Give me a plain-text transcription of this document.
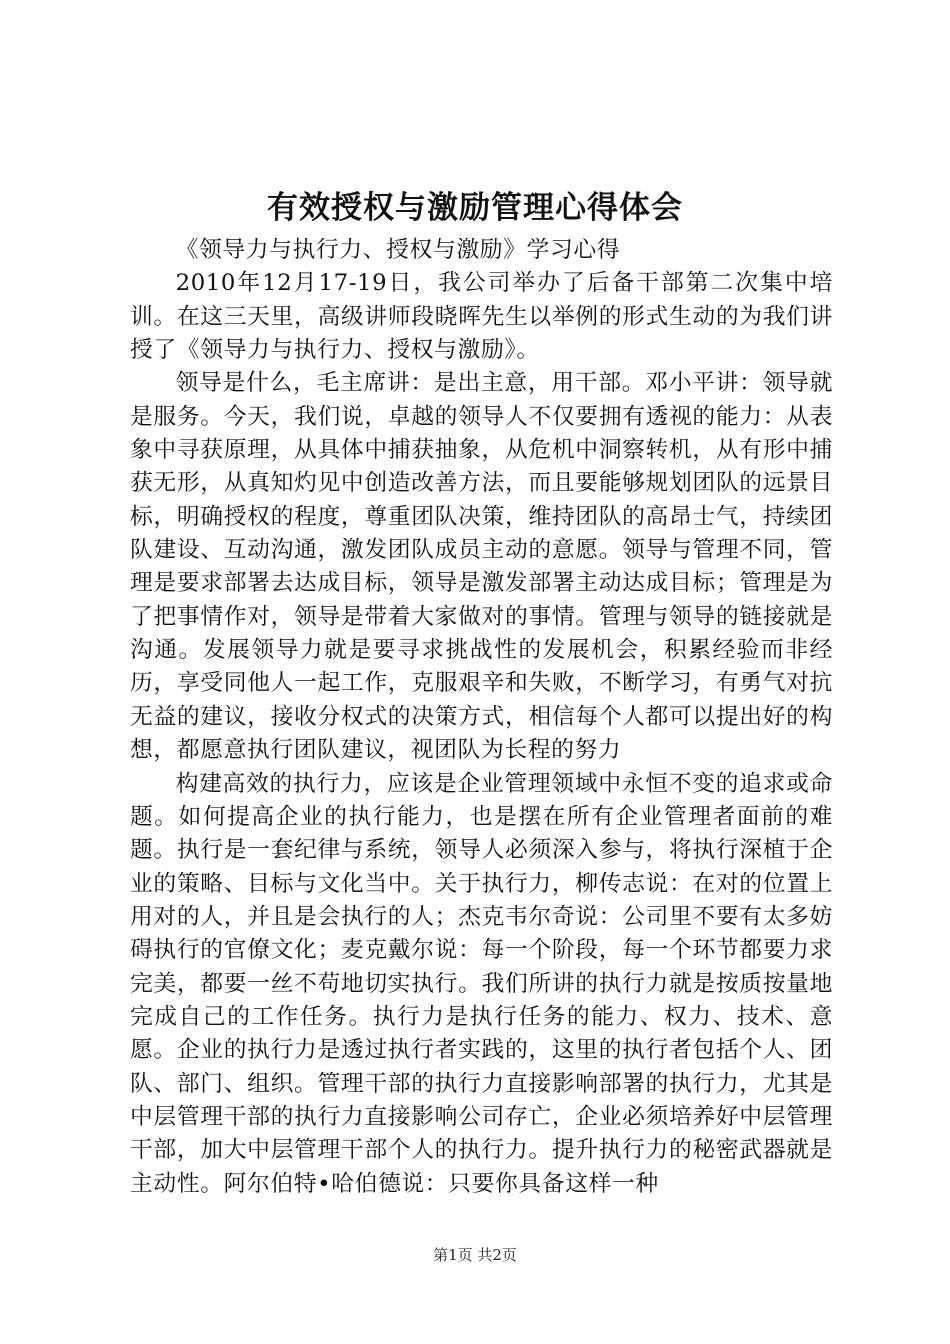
有效授权与激励管理心得体会

《领导力与执行力、授权与激励》学习心得

2010年12月17-19日，我公司举办了后备干部第二次集中培训。在这三天里，高级讲师段晓晖先生以举例的形式生动的为我们讲授了《领导力与执行力、授权与激励》。

领导是什么，毛主席讲：是出主意，用干部。邓小平讲：领导就是服务。今天，我们说，卓越的领导人不仅要拥有透视的能力：从表象中寻获原理，从具体中捕获抽象，从危机中洞察转机，从有形中捕获无形，从真知灼见中创造改善方法，而且要能够规划团队的远景目标，明确授权的程度，尊重团队决策，维持团队的高昂士气，持续团队建设、互动沟通，激发团队成员主动的意愿。领导与管理不同，管理是要求部署去达成目标，领导是激发部署主动达成目标；管理是为了把事情作对，领导是带着大家做对的事情。管理与领导的链接就是沟通。发展领导力就是要寻求挑战性的发展机会，积累经验而非经历，享受同他人一起工作，克服艰辛和失败，不断学习，有勇气对抗无益的建议，接收分权式的决策方式，相信每个人都可以提出好的构想，都愿意执行团队建议，视团队为长程的努力

构建高效的执行力，应该是企业管理领域中永恒不变的追求或命题。如何提高企业的执行能力，也是摆在所有企业管理者面前的难题。执行是一套纪律与系统，领导人必须深入参与，将执行深植于企业的策略、目标与文化当中。关于执行力，柳传志说：在对的位置上用对的人，并且是会执行的人；杰克韦尔奇说：公司里不要有太多妨碍执行的官僚文化；麦克戴尔说：每一个阶段，每一个环节都要力求完美，都要一丝不苟地切实执行。我们所讲的执行力就是按质按量地完成自己的工作任务。执行力是执行任务的能力、权力、技术、意愿。企业的执行力是透过执行者实践的，这里的执行者包括个人、团队、部门、组织。管理干部的执行力直接影响部署的执行力，尤其是中层管理干部的执行力直接影响公司存亡，企业必须培养好中层管理干部，加大中层管理干部个人的执行力。提升执行力的秘密武器就是主动性。阿尔伯特•哈伯德说：只要你具备这样一种

第1页 共2页
